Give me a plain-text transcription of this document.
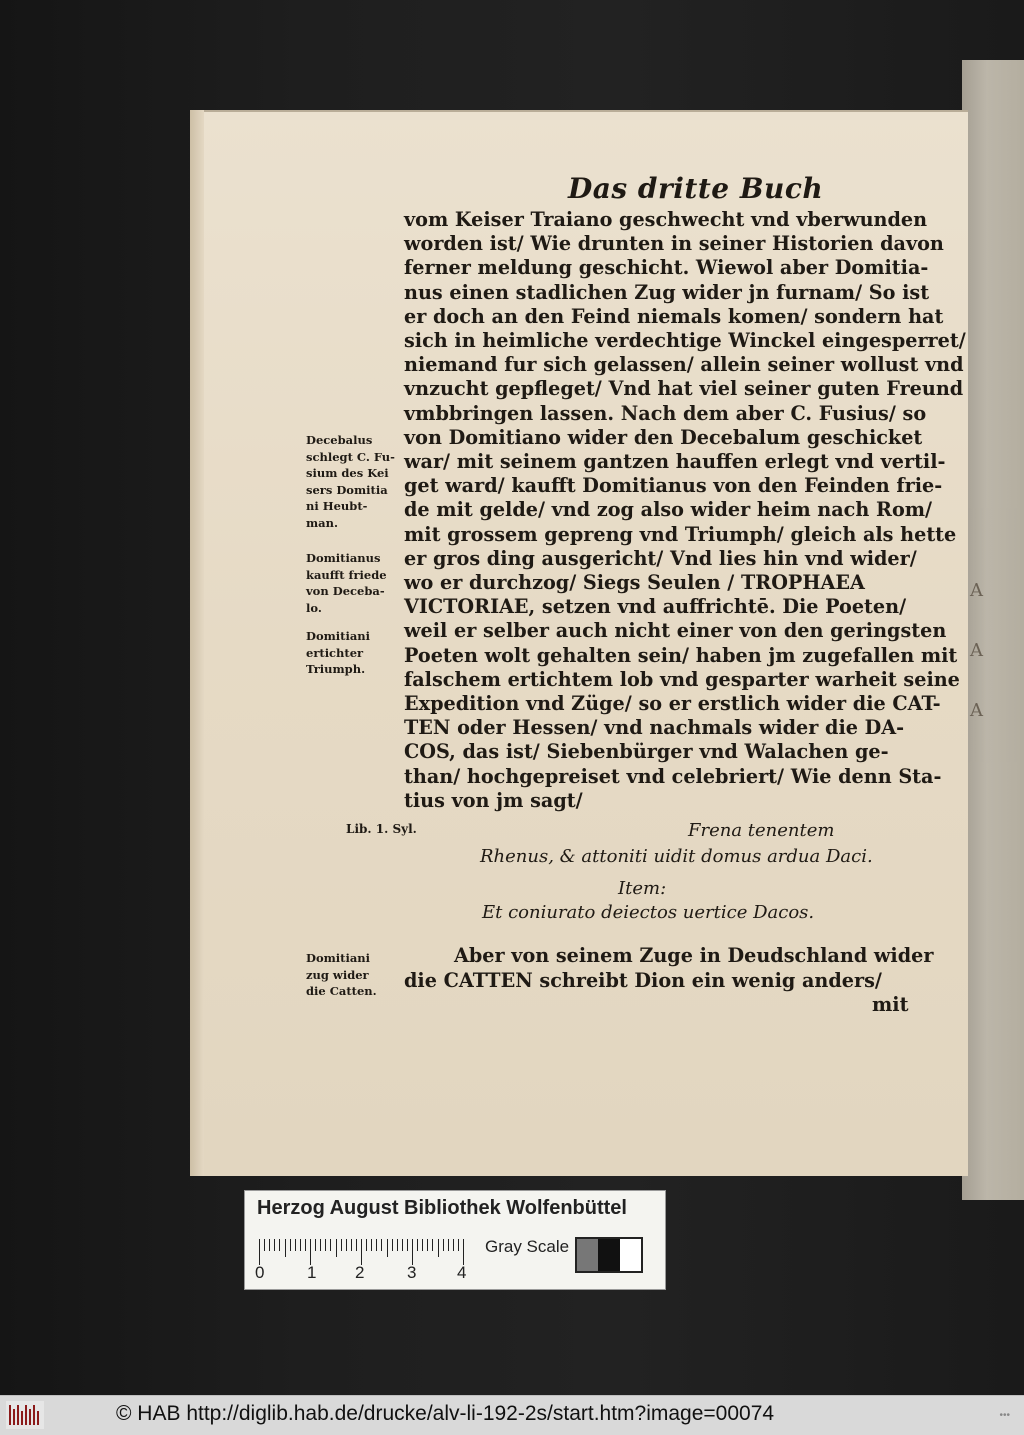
A
A
A
Das dritte Buch
vom Keiser Traiano geschwecht vnd vberwunden
worden ist/ Wie drunten in seiner Historien davon
ferner meldung geschicht. Wiewol aber Domitia-
nus einen stadlichen Zug wider jn furnam/ So ist
er doch an den Feind niemals komen/ sondern hat
sich in heimliche verdechtige Winckel eingesperret/
niemand fur sich gelassen/ allein seiner wollust vnd
vnzucht gepfleget/ Vnd hat viel seiner guten Freund
vmbbringen lassen. Nach dem aber C. Fusius/ so
von Domitiano wider den Decebalum geschicket
war/ mit seinem gantzen hauffen erlegt vnd vertil-
get ward/ kaufft Domitianus von den Feinden frie-
de mit gelde/ vnd zog also wider heim nach Rom/
mit grossem gepreng vnd Triumph/ gleich als hette
er gros ding ausgericht/ Vnd lies hin vnd wider/
wo er durchzog/ Siegs Seulen / TROPHAEA
VICTORIAE, setzen vnd auffrichtē. Die Poeten/
weil er selber auch nicht einer von den geringsten
Poeten wolt gehalten sein/ haben jm zugefallen mit
falschem ertichtem lob vnd gesparter warheit seine
Expedition vnd Züge/ so er erstlich wider die CAT-
TEN oder Hessen/ vnd nachmals wider die DA-
COS, das ist/ Siebenbürger vnd Walachen ge-
than/ hochgepreiset vnd celebriert/ Wie denn Sta-
tius von jm sagt/
Decebalus
schlegt C. Fu-
sium des Kei
sers Domitia
ni Heubt-
man.
Domitianus
kaufft friede
von Deceba-
lo.
Domitiani
ertichter
Triumph.
Domitiani
zug wider
die Catten.
Lib. 1. Syl.	Frena tenentem
Rhenus, & attoniti uidit domus ardua Daci.
Item:
Et coniurato deiectos uertice Dacos.
Aber von seinem Zuge in Deudschland wider
die CATTEN schreibt Dion ein wenig anders/
mit
Herzog August Bibliothek Wolfenbüttel
0	1 2	3 4
Gray Scale
© HAB http://diglib.hab.de/drucke/alv-li-192-2s/start.htm?image=00074	•••
